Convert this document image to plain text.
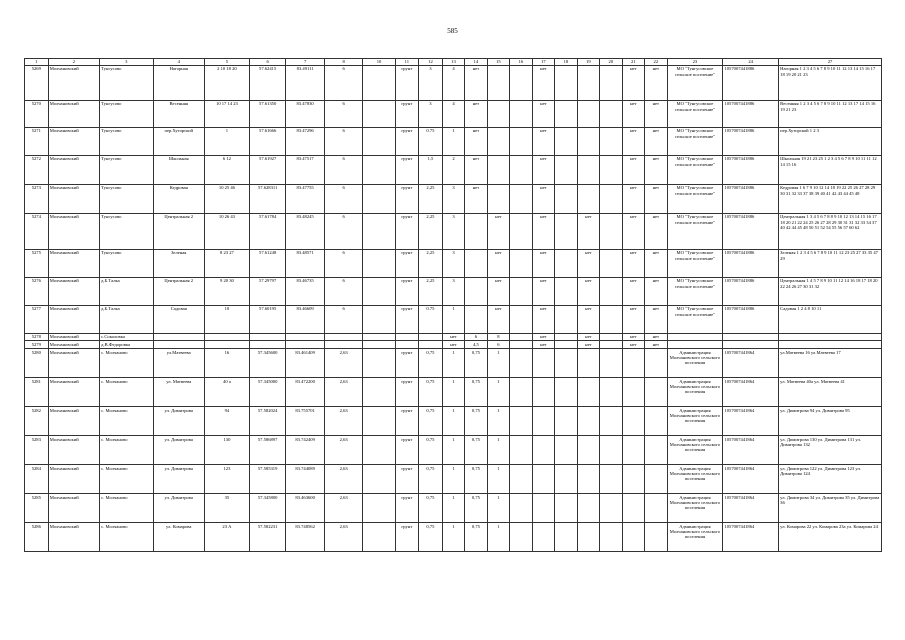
585
1	2	3	4	5	6	7	8	10	11	12	13	14	15	16	17	18	19	20	21	22	23	24	27
5269	Молчановский	Тунгусово	Нагорная	2 10 18 20	57.62415	83.49111	6		грунт	3	4	нет			нет				нет	нет	МО "Тунгусовское сельское поселение"	1057007441886	Нагорная 1 2 3 4 5 6 7 8 9 10 11 12 13 14 15 16 17 18 19 20 21 23
5270	Молчановский	Тунгусово	Весенняя	10 17 14 23	57.61350	83.47830	6		грунт	3	4	нет			нет				нет	нет	МО "Тунгусовское сельское поселение"	1057007441886	Весенняя 1 2 3 4 5 6 7 8 9 10 11 12 13 17 14 15 16 19 21 23
5271	Молчановский	Тунгусово	пер.Хуторской	1	57.61666	83.47296	6		грунт	0.75	1	нет			нет				нет	нет	МО "Тунгусовское сельское поселение"	1057007441886	пер.Хуторской 1 2 3
5272	Молчановский	Тунгусово	Школьная	6 12	57.61927	83.47517	6		грунт	1,5	2	нет			нет				нет	нет	МО "Тунгусовское сельское поселение"	1057007441886	Школьная 19 21 23 25 1 2 3 4 5 6 7 8 9 10 11 11 12 14 15 16
5273	Молчановский	Тунгусово	Кедровая	10 25 46	57.628311	83.47755	6		грунт	2,25	3	нет			нет				нет	нет	МО "Тунгусовское сельское поселение"	1057007441886	Кедровая 1 6 7 9 10 12 14 18 19 22 25 26 27 28 29 30 31 32 33 37 38 39 40 41 42 43 44 45 48
5274	Молчановский	Тунгусово	Центральная 2	10 26 43	57.61784	83.48245	6		грунт	2,25	3		нет		нет		нет		нет	нет	МО "Тунгусовское сельское поселение"	1057007441886	Центральная 1 3 4 5 6 7 8 8 9 10 12 13 14 15 16 17 18 20 21 22 24 25 26 27 28 29 30 31 31 32 33 34 37 40 42 44 45 48 50 51 52 54 55 56 57 60 62
5275	Молчановский	Тунгусово	Зеленая	8 23 27	57.61248	83.48571	6		грунт	2,25	3		нет		нет		нет		нет	нет	МО "Тунгусовское сельское поселение"	1057007441886	Зеленая 1 2 3 4 5 6 7 8 9 10 11 12 23 25 27 33 35 47 29
5276	Молчановский	д.Б.Талка	Центральная 2	9 20 30	57.29797	83.46735	6		грунт	2,25	3		нет		нет		нет		нет	нет	МО "Тунгусовское сельское поселение"	1057007441886	Центральная 1 4 5 7 8 9 10 11 12 14 16 18 17 18 20 22 24 26 27 30 31 32
5277	Молчановский	д.Б.Талка	Садовая	10	57.60195	83.46609	6		грунт	0.75	1		нет		нет		нет		нет	нет	МО "Тунгусовское сельское поселение"	1057007441886	Садовая 1 2 4 8 10 11
5278	Молчановский	с.Соколовка									нет	6	8		нет		нет		нет	нет			
5279	Молчановский	д.В.Федоровка									нет	4,5	6		нет		нет		нет	нет			
5280	Молчановский	с. Молчаново	ул.Матвеева	16	57.345600	83.461409	2,63		грунт	0,75	1	0,75	1								Администрация Молчановского сельского поселения	1057007441864	ул.Матвеева 16 ул.Матвеева 17
5281	Молчановский	с. Молчаново	ул. Матвеева	40 а	57.345000	83.472200	2,63		грунт	0,75	1	0,75	1								Администрация Молчановского сельского поселения	1057007441864	ул. Матвеева 40а ул. Матвеева 41
5282	Молчановский	с. Молчаново	ул. Димитрова	94	57.582024	83.755701	2,63		грунт	0,75	1	0,75	1								Администрация Молчановского сельского поселения	1057007441864	ул. Димитрова 94 ул. Димитрова 95
5283	Молчановский	с. Молчаново	ул. Димитрова	130	57.586897	83.742409	2,63		грунт	0,75	1	0,75	1								Администрация Молчановского сельского поселения	1057007441864	ул. Димитрова 130 ул. Димитрова 131 ул. Димитрова 132
5284	Молчановский	с. Молчаново	ул. Димитрова	123	57.585319	83.744089	2,63		грунт	0,75	1	0,75	1								Администрация Молчановского сельского поселения	1057007441864	ул. Димитрова 122 ул. Димитрова 123 ул. Димитрова 124
5285	Молчановский	с. Молчаново	ул. Димитрова	35	57.345800	83.463600	2,63		грунт	0,75	1	0,75	1								Администрация Молчановского сельского поселения	1057007441864	ул. Димитрова 34 ул. Димитрова 35 ул. Димитрова 36
5286	Молчановский	с. Молчаново	ул. Комарова	23 А	57.582231	83.748562	2,63		грунт	0,75	1	0,75	1								Администрация Молчановского сельского поселения	1057007441864	ул. Комарова 22 ул. Комарова 23а ул. Комарова 24
